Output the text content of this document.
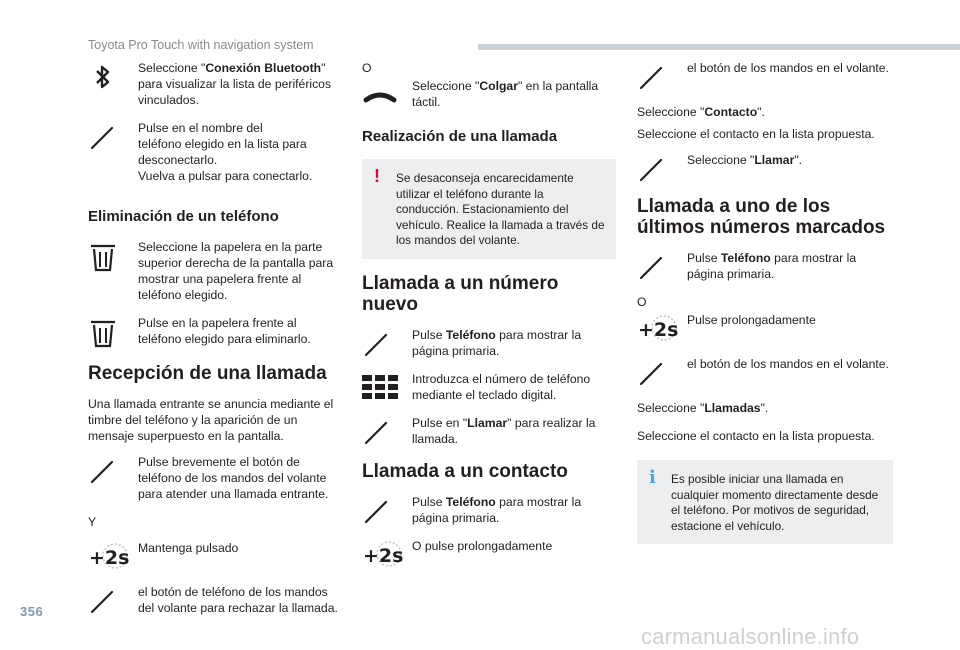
Toyota Pro Touch with navigation system
Seleccione "Conexión Bluetooth" para visualizar la lista de periféricos vinculados.
Pulse en el nombre del
teléfono elegido en la lista para
desconectarlo.
Vuelva a pulsar para conectarlo.
Eliminación de un teléfono
Seleccione la papelera en la parte superior derecha de la pantalla para mostrar una papelera frente al teléfono elegido.
Pulse en la papelera frente al teléfono elegido para eliminarlo.
Recepción de una llamada
Una llamada entrante se anuncia mediante el timbre del teléfono y la aparición de un mensaje superpuesto en la pantalla.
Pulse brevemente el botón de teléfono de los mandos del volante para atender una llamada entrante.
Y
+2s Mantenga pulsado
el botón de teléfono de los mandos del volante para rechazar la llamada.
O
Seleccione "Colgar" en la pantalla táctil.
Realización de una llamada
! Se desaconseja encarecidamente utilizar el teléfono durante la conducción. Estacionamiento del vehículo. Realice la llamada a través de los mandos del volante.
Llamada a un número nuevo
Pulse Teléfono para mostrar la página primaria.
Introduzca el número de teléfono mediante el teclado digital.
Pulse en "Llamar" para realizar la llamada.
Llamada a un contacto
Pulse Teléfono para mostrar la página primaria.
+2s O pulse prolongadamente
el botón de los mandos en el volante.
Seleccione "Contacto".
Seleccione el contacto en la lista propuesta.
Seleccione "Llamar".
Llamada a uno de los últimos números marcados
Pulse Teléfono para mostrar la página primaria.
O
+2s Pulse prolongadamente
el botón de los mandos en el volante.
Seleccione "Llamadas".
Seleccione el contacto en la lista propuesta.
i Es posible iniciar una llamada en cualquier momento directamente desde el teléfono. Por motivos de seguridad, estacione el vehículo.
356
carmanualsonline.info
